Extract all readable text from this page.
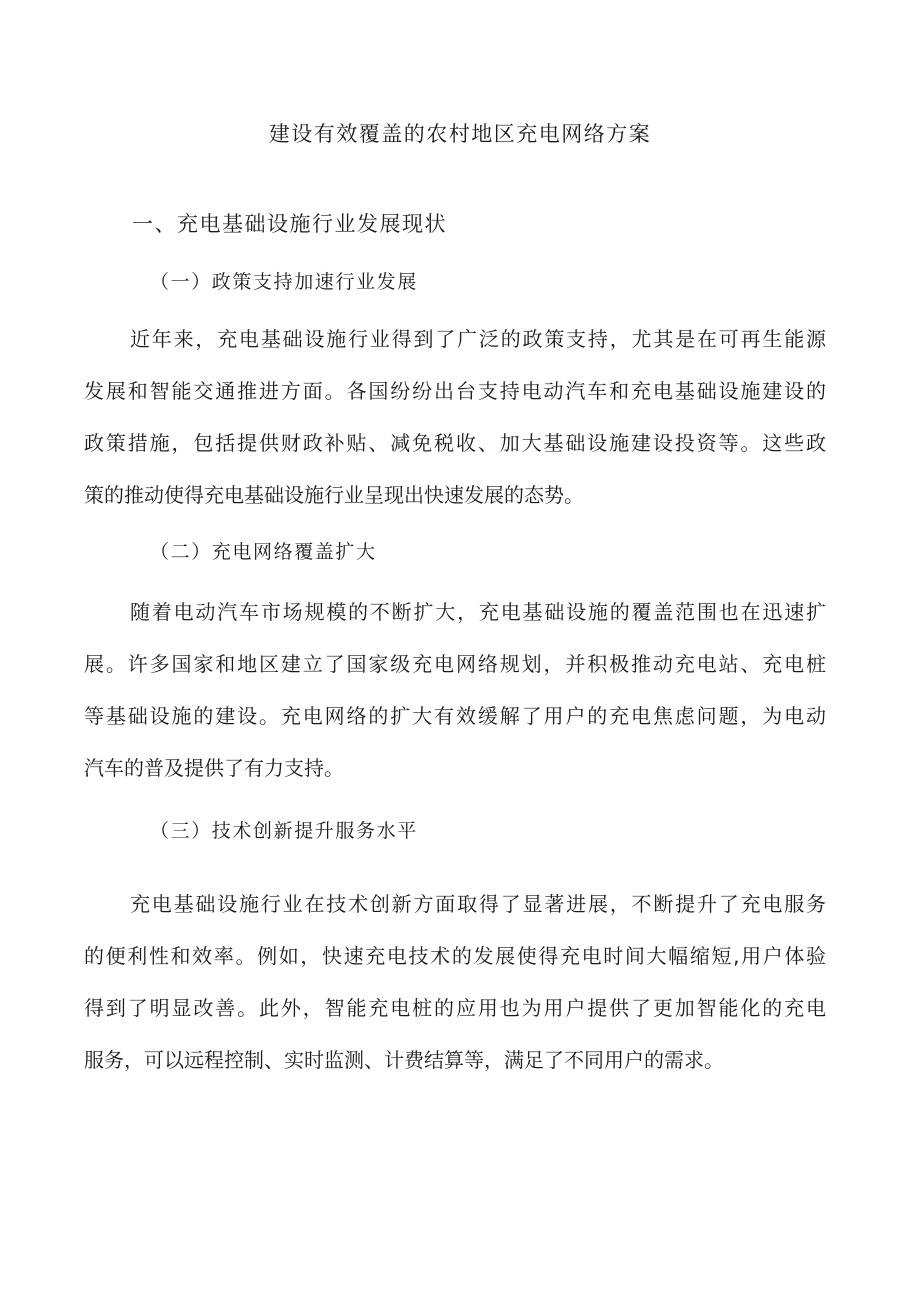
建设有效覆盖的农村地区充电网络方案
一、充电基础设施行业发展现状
（一）政策支持加速行业发展
近年来，充电基础设施行业得到了广泛的政策支持，尤其是在可再生能源
发展和智能交通推进方面。各国纷纷出台支持电动汽车和充电基础设施建设的
政策措施，包括提供财政补贴、减免税收、加大基础设施建设投资等。这些政
策的推动使得充电基础设施行业呈现出快速发展的态势。
（二）充电网络覆盖扩大
随着电动汽车市场规模的不断扩大，充电基础设施的覆盖范围也在迅速扩
展。许多国家和地区建立了国家级充电网络规划，并积极推动充电站、充电桩
等基础设施的建设。充电网络的扩大有效缓解了用户的充电焦虑问题，为电动
汽车的普及提供了有力支持。
（三）技术创新提升服务水平
充电基础设施行业在技术创新方面取得了显著进展，不断提升了充电服务
的便利性和效率。例如，快速充电技术的发展使得充电时间大幅缩短,用户体验
得到了明显改善。此外，智能充电桩的应用也为用户提供了更加智能化的充电
服务，可以远程控制、实时监测、计费结算等，满足了不同用户的需求。
